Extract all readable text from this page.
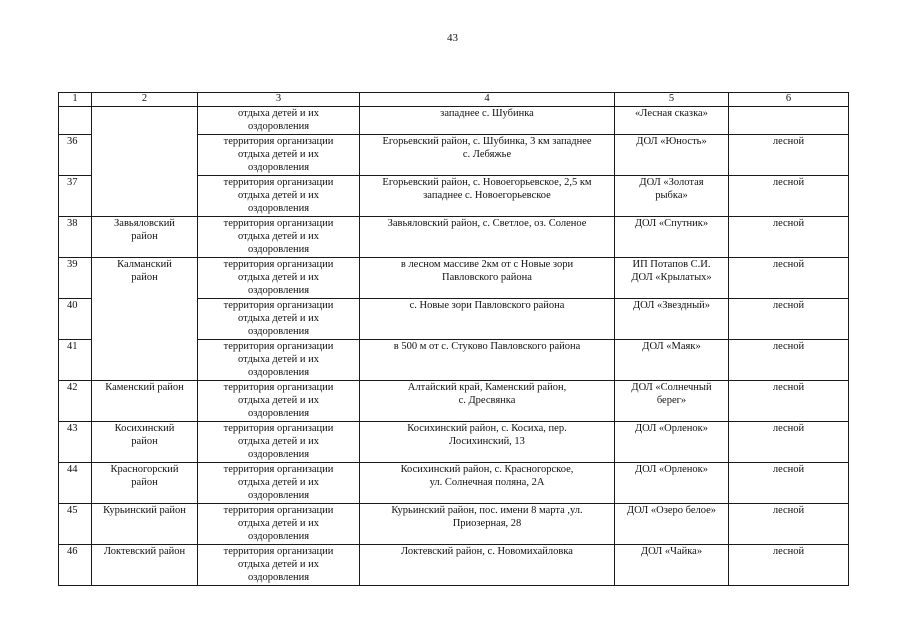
43
1	2	3	4	5	6

		отдыха детей и их
оздоровления	западнее с. Шубинка	«Лесная сказка»	

36		территория организации
отдыха детей и их
оздоровления	Егорьевский район, с. Шубинка, 3 км западнее
с. Лебяжье	ДОЛ «Юность»	лесной
37		территория организации
отдыха детей и их
оздоровления	Егорьевский район, с. Новоегорьевское, 2,5 км
западнее с. Новоегорьевское	ДОЛ «Золотая
рыбка»	лесной
38	Завьяловский
район	территория организации
отдыха детей и их
оздоровления	Завьяловский район, с. Светлое, оз. Соленое	ДОЛ «Спутник»	лесной
39	Калманский
район	территория организации
отдыха детей и их
оздоровления	в лесном массиве 2км от с Новые зори
Павловского района	ИП Потапов С.И.
ДОЛ «Крылатых»	лесной
40		территория организации
отдыха детей и их
оздоровления	с. Новые зори Павловского района	ДОЛ «Звездный»	лесной
41		территория организации
отдыха детей и их
оздоровления	в 500 м от с. Стуково Павловского района	ДОЛ «Маяк»	лесной
42	Каменский район	территория организации
отдыха детей и их
оздоровления	Алтайский край, Каменский район,
с. Дресвянка	ДОЛ «Солнечный
берег»	лесной
43	Косихинский
район	территория организации
отдыха детей и их
оздоровления	Косихинский район, с. Косиха, пер.
Лосихинский, 13	ДОЛ «Орленок»	лесной
44	Красногорский
район	территория организации
отдыха детей и их
оздоровления	Косихинский район, с. Красногорское,
ул. Солнечная поляна, 2А	ДОЛ «Орленок»	лесной
45	Курьинский район	территория организации
отдыха детей и их
оздоровления	Курьинский район, пос. имени 8 марта ,ул.
Приозерная, 28	ДОЛ «Озеро белое»	лесной
46	Локтевский район	территория организации
отдыха детей и их
оздоровления	Локтевский район, с. Новомихайловка	ДОЛ «Чайка»	лесной
